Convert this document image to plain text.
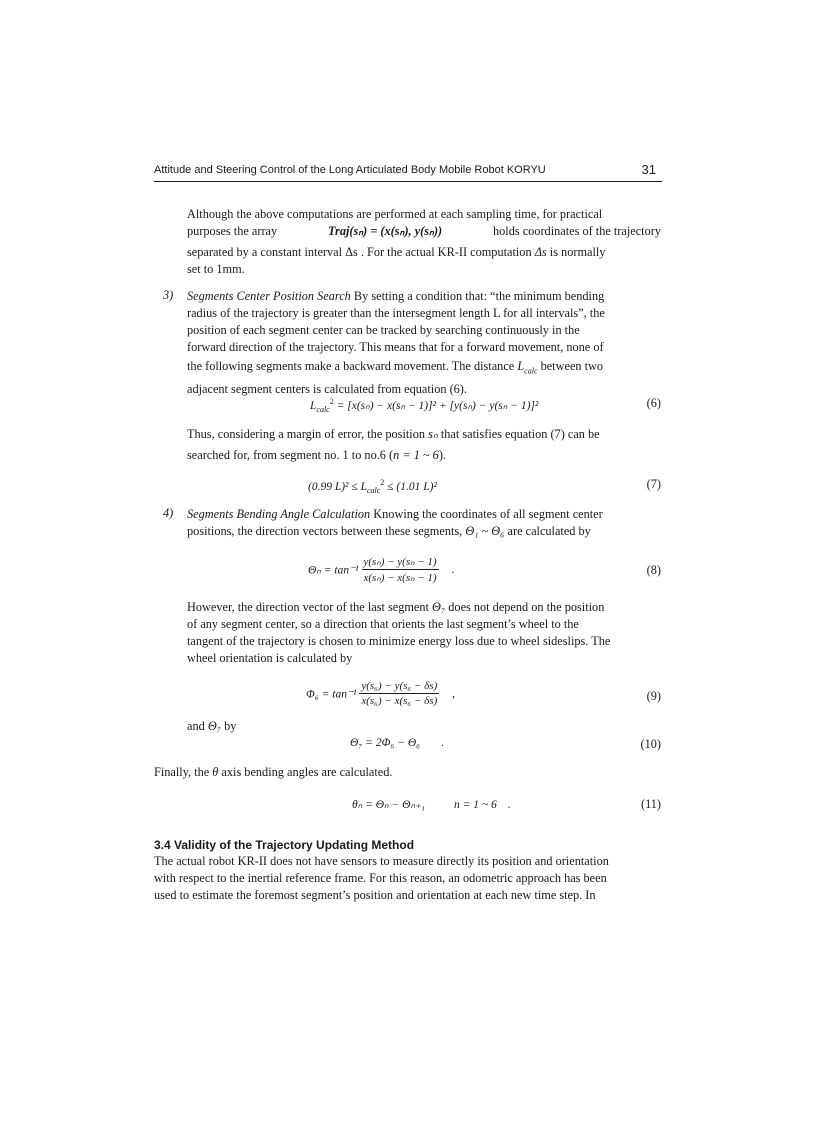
Attitude and Steering Control of the Long Articulated Body Mobile Robot KORYU	31
Although the above computations are performed at each sampling time, for practical
purposes the array	Traj(sₙ) = (x(sₙ), y(sₙ))	holds coordinates of the trajectory
separated by a constant interval Δs . For the actual KR-II computation Δs is normally
set to 1mm.
3) Segments Center Position Search By setting a condition that: “the minimum bending
radius of the trajectory is greater than the intersegment length L for all intervals”, the
position of each segment center can be tracked by searching continuously in the
forward direction of the trajectory. This means that for a forward movement, none of
the following segments make a backward movement. The distance $L_{calc}$ between two
adjacent segment centers is calculated from equation (6).
$L_{calc}^2 = [x(s_n) - x(s_n - 1)]^2 + [y(s_n) - y(s_n - 1)]^2$	(6)
Thus, considering a margin of error, the position sₙ that satisfies equation (7) can be
searched for, from segment no. 1 to no.6 (n = 1 ~ 6).
(0.99 $L)^2 \le L_{calc}^2 \le (1.01$ L)²	(7)
4) Segments Bending Angle Calculation Knowing the coordinates of all segment center
positions, the direction vectors between these segments, Θ₁ ~ Θ₆ are calculated by
$\Theta_n = \tan^{-1} \frac{\text{y(sₙ) − y(sₙ − 1)}}{\text{x(sₙ) − x(sₙ − 1)}}$ .	(8)
However, the direction vector of the last segment Θ₇ does not depend on the position
of any segment center, so a direction that orients the last segment’s wheel to the
tangent of the trajectory is chosen to minimize energy loss due to wheel sideslips. The
wheel orientation is calculated by
$\Phi_6 = \tan^{-1} \frac{\text{y(s₆) − y(s₆ − δs)}}{\text{x(s₆) − x(s₆ − δs)}}$ ,	(9)
and Θ₇ by
Θ₇ = 2Φ₆ − Θ₆ .	(10)
Finally, the θ axis bending angles are calculated.
θₙ = Θₙ − Θₙ₊₁	n = 1 ~ 6 .	(11)
3.4 Validity of the Trajectory Updating Method
The actual robot KR-II does not have sensors to measure directly its position and orientation
with respect to the inertial reference frame. For this reason, an odometric approach has been
used to estimate the foremost segment’s position and orientation at each new time step. In
